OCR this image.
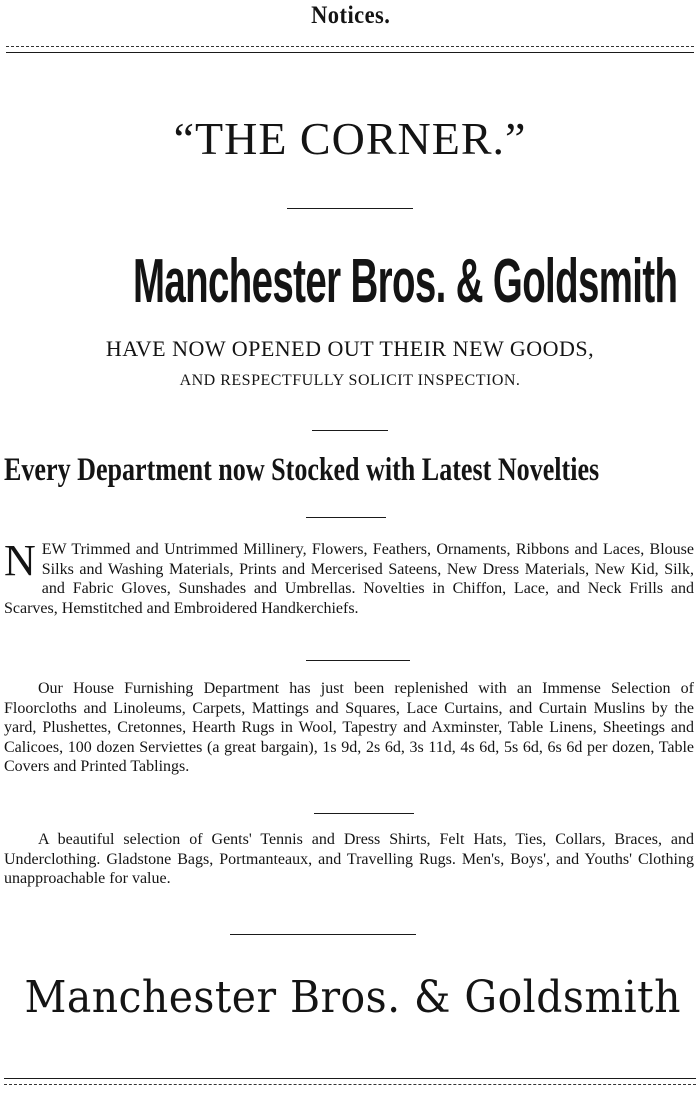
Notices.
“THE CORNER.”
Manchester Bros. & Goldsmith
HAVE NOW OPENED OUT THEIR NEW GOODS,
AND RESPECTFULLY SOLICIT INSPECTION.
Every Department now Stocked with Latest Novelties
NEW Trimmed and Untrimmed Millinery, Flowers, Feathers, Ornaments, Ribbons and Laces, Blouse Silks and Washing Materials, Prints and Mercerised Sateens, New Dress Materials, New Kid, Silk, and Fabric Gloves, Sunshades and Umbrellas. Novelties in Chiffon, Lace, and Neck Frills and Scarves, Hemstitched and Embroidered Handkerchiefs.
Our House Furnishing Department has just been replenished with an Immense Selection of Floorcloths and Linoleums, Carpets, Mattings and Squares, Lace Curtains, and Curtain Muslins by the yard, Plushettes, Cretonnes, Hearth Rugs in Wool, Tapestry and Axminster, Table Linens, Sheetings and Calicoes, 100 dozen Serviettes (a great bargain), 1s 9d, 2s 6d, 3s 11d, 4s 6d, 5s 6d, 6s 6d per dozen, Table Covers and Printed Tablings.
A beautiful selection of Gents' Tennis and Dress Shirts, Felt Hats, Ties, Collars, Braces, and Underclothing. Gladstone Bags, Portmanteaux, and Travelling Rugs. Men's, Boys', and Youths' Clothing unapproachable for value.
Manchester Bros. & Goldsmith
